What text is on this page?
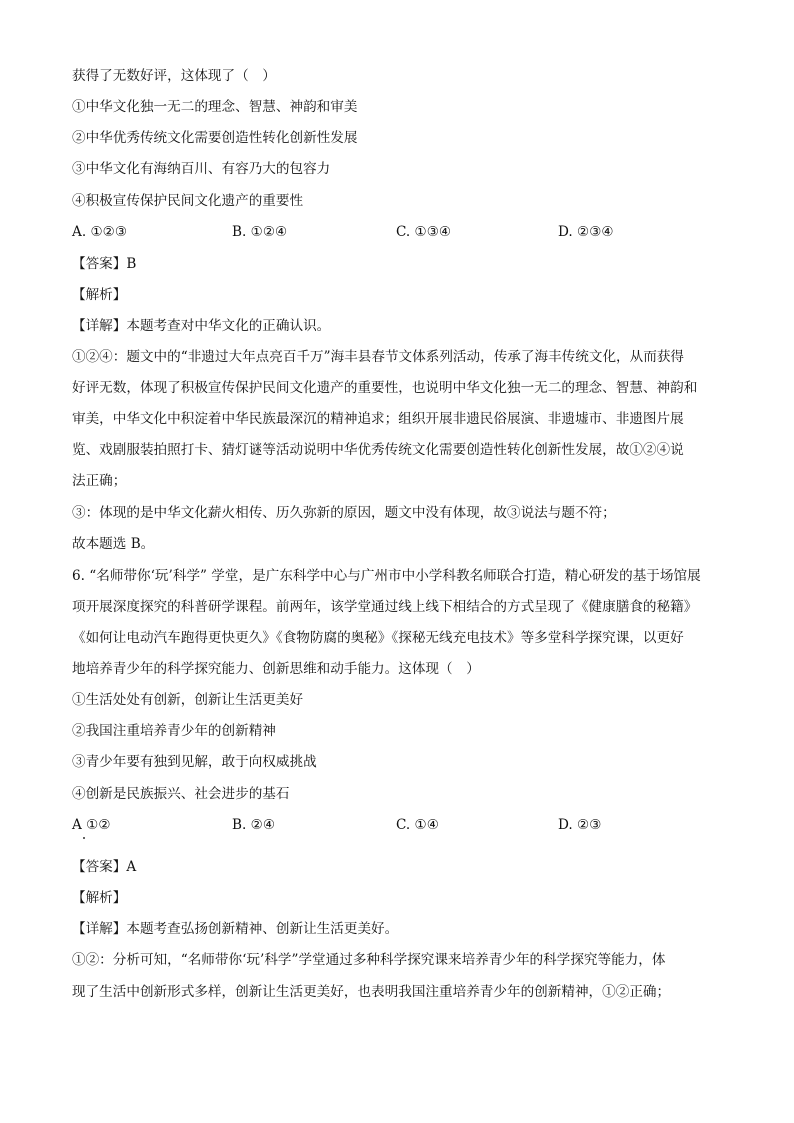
获得了无数好评，这体现了（　）
①中华文化独一无二的理念、智慧、神韵和审美
②中华优秀传统文化需要创造性转化创新性发展
③中华文化有海纳百川、有容乃大的包容力
④积极宣传保护民间文化遗产的重要性
A. ①②③	B. ①②④	C. ①③④	D. ②③④
【答案】B
【解析】
【详解】本题考查对中华文化的正确认识。
①②④：题文中的“非遗过大年点亮百千万”海丰县春节文体系列活动，传承了海丰传统文化，从而获得
好评无数，体现了积极宣传保护民间文化遗产的重要性，也说明中华文化独一无二的理念、智慧、神韵和
审美，中华文化中积淀着中华民族最深沉的精神追求；组织开展非遗民俗展演、非遗墟市、非遗图片展
览、戏剧服装拍照打卡、猜灯谜等活动说明中华优秀传统文化需要创造性转化创新性发展，故①②④说
法正确；
③：体现的是中华文化薪火相传、历久弥新的原因，题文中没有体现，故③说法与题不符；
故本题选 B。
6. “名师带你‘玩’科学” 学堂，是广东科学中心与广州市中小学科教名师联合打造，精心研发的基于场馆展
项开展深度探究的科普研学课程。前两年，该学堂通过线上线下相结合的方式呈现了《健康膳食的秘籍》
《如何让电动汽车跑得更快更久》《食物防腐的奥秘》《探秘无线充电技术》等多堂科学探究课，以更好
地培养青少年的科学探究能力、创新思维和动手能力。这体现（　）
①生活处处有创新，创新让生活更美好
②我国注重培养青少年的创新精神
③青少年要有独到见解，敢于向权威挑战
④创新是民族振兴、社会进步的基石
A ①②	B. ②④	C. ①④	D. ②③
【答案】A
【解析】
【详解】本题考查弘扬创新精神、创新让生活更美好。
①②：分析可知，“名师带你‘玩’科学”学堂通过多种科学探究课来培养青少年的科学探究等能力，体
现了生活中创新形式多样，创新让生活更美好，也表明我国注重培养青少年的创新精神，①②正确；
